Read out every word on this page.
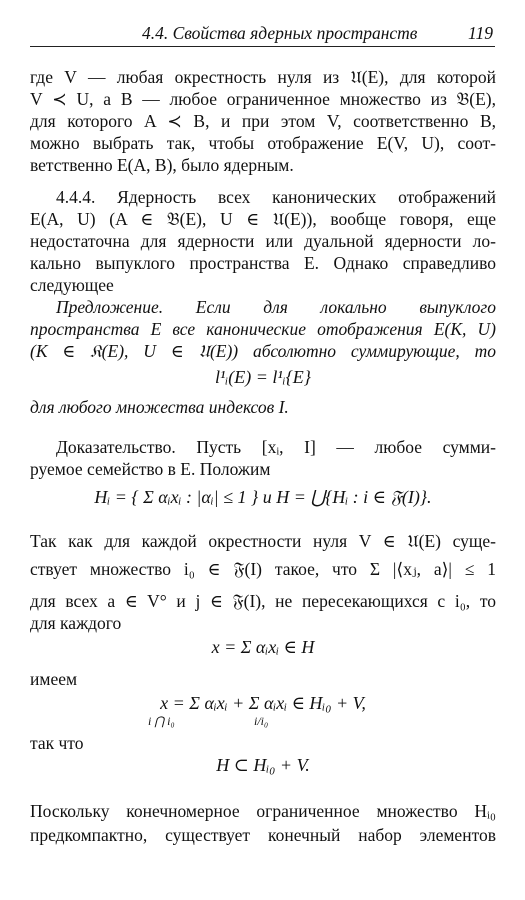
4.4. Свойства ядерных пространств	119
где V — любая окрестность нуля из 𝔘(E), для которой
V ≺ U, а B — любое ограниченное множество из 𝔅(E),
для которого A ≺ B, и при этом V, соответственно B,
можно выбрать так, чтобы отображение E(V, U), соот-
ветственно E(A, B), было ядерным.
4.4.4. Ядерность всех канонических отображений
E(A, U) (A ∈ 𝔅(E), U ∈ 𝔘(E)), вообще говоря, еще
недостаточна для ядерности или дуальной ядерности ло-
кально выпуклого пространства E. Однако справедливо
следующее
Предложение. Если для локально выпуклого
пространства E все канонические отображения E(K, U)
(K ∈ 𝔎(E), U ∈ 𝔘(E)) абсолютно суммирующие, то
l¹ᵢ(E) = l¹ᵢ{E}
для любого множества индексов I.
Доказательство. Пусть [xᵢ, I] — любое сумми-
руемое семейство в E. Положим
Hᵢ = { Σ αᵢxᵢ : |αᵢ| ≤ 1 } и H = ⋃{Hᵢ : i ∈ 𝔉(I)}.
Так как для каждой окрестности нуля V ∈ 𝔘(E) суще-
ствует множество i₀ ∈ 𝔉(I) такое, что Σ |⟨xⱼ, a⟩| ≤ 1
для всех a ∈ V° и j ∈ 𝔉(I), не пересекающихся с i₀, то
для каждого
x = Σ αᵢxᵢ ∈ H
имеем
x = Σ αᵢxᵢ + Σ αᵢxᵢ ∈ Hᵢ₀ + V,
i ⋂ i₀	i/i₀
так что
H ⊂ Hᵢ₀ + V.
Поскольку конечномерное ограниченное множество Hᵢ₀
предкомпактно, существует конечный набор элементов
